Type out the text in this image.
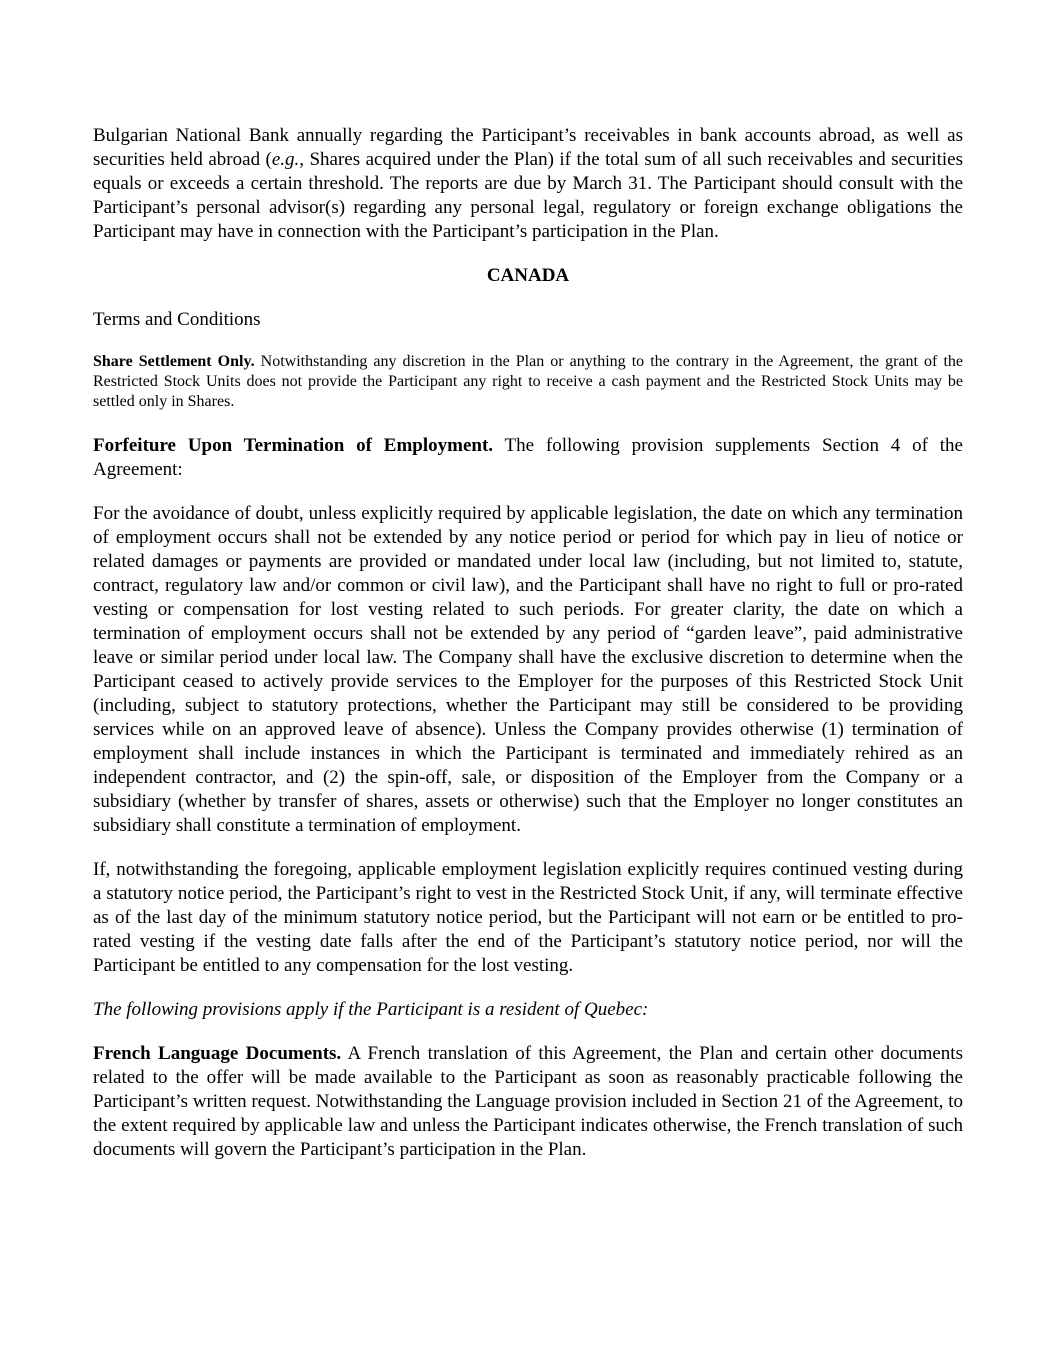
Bulgarian National Bank annually regarding the Participant’s receivables in bank accounts abroad, as well as securities held abroad (e.g., Shares acquired under the Plan) if the total sum of all such receivables and securities equals or exceeds a certain threshold. The reports are due by March 31. The Participant should consult with the Participant’s personal advisor(s) regarding any personal legal, regulatory or foreign exchange obligations the Participant may have in connection with the Participant’s participation in the Plan.

CANADA

Terms and Conditions

Share Settlement Only. Notwithstanding any discretion in the Plan or anything to the contrary in the Agreement, the grant of the Restricted Stock Units does not provide the Participant any right to receive a cash payment and the Restricted Stock Units may be settled only in Shares.

Forfeiture Upon Termination of Employment. The following provision supplements Section 4 of the Agreement:

For the avoidance of doubt, unless explicitly required by applicable legislation, the date on which any termination of employment occurs shall not be extended by any notice period or period for which pay in lieu of notice or related damages or payments are provided or mandated under local law (including, but not limited to, statute, contract, regulatory law and/or common or civil law), and the Participant shall have no right to full or pro-rated vesting or compensation for lost vesting related to such periods. For greater clarity, the date on which a termination of employment occurs shall not be extended by any period of “garden leave”, paid administrative leave or similar period under local law. The Company shall have the exclusive discretion to determine when the Participant ceased to actively provide services to the Employer for the purposes of this Restricted Stock Unit (including, subject to statutory protections, whether the Participant may still be considered to be providing services while on an approved leave of absence). Unless the Company provides otherwise (1) termination of employment shall include instances in which the Participant is terminated and immediately rehired as an independent contractor, and (2) the spin-off, sale, or disposition of the Employer from the Company or a subsidiary (whether by transfer of shares, assets or otherwise) such that the Employer no longer constitutes an subsidiary shall constitute a termination of employment.

If, notwithstanding the foregoing, applicable employment legislation explicitly requires continued vesting during a statutory notice period, the Participant’s right to vest in the Restricted Stock Unit, if any, will terminate effective as of the last day of the minimum statutory notice period, but the Participant will not earn or be entitled to pro-rated vesting if the vesting date falls after the end of the Participant’s statutory notice period, nor will the Participant be entitled to any compensation for the lost vesting.

The following provisions apply if the Participant is a resident of Quebec:

French Language Documents. A French translation of this Agreement, the Plan and certain other documents related to the offer will be made available to the Participant as soon as reasonably practicable following the Participant’s written request. Notwithstanding the Language provision included in Section 21 of the Agreement, to the extent required by applicable law and unless the Participant indicates otherwise, the French translation of such documents will govern the Participant’s participation in the Plan.
